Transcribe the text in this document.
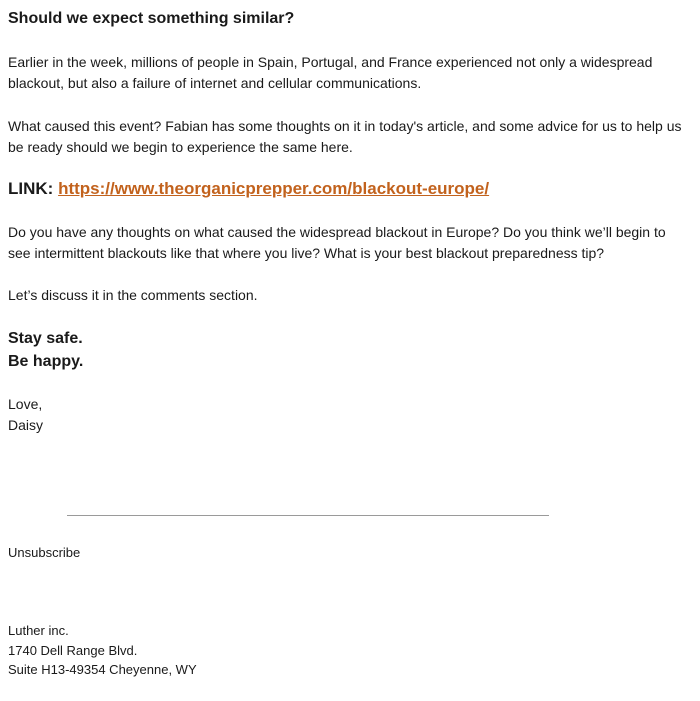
Should we expect something similar?

Earlier in the week, millions of people in Spain, Portugal, and France experienced not only a widespread blackout, but also a failure of internet and cellular communications.

What caused this event? Fabian has some thoughts on it in today's article, and some advice for us to help us be ready should we begin to experience the same here.

LINK: https://www.theorganicprepper.com/blackout-europe/

Do you have any thoughts on what caused the widespread blackout in Europe? Do you think we’ll begin to see intermittent blackouts like that where you live? What is your best blackout preparedness tip?

Let’s discuss it in the comments section.

Stay safe.
Be happy.

Love,
Daisy

Unsubscribe

Luther inc.
1740 Dell Range Blvd.
Suite H13-49354 Cheyenne, WY
